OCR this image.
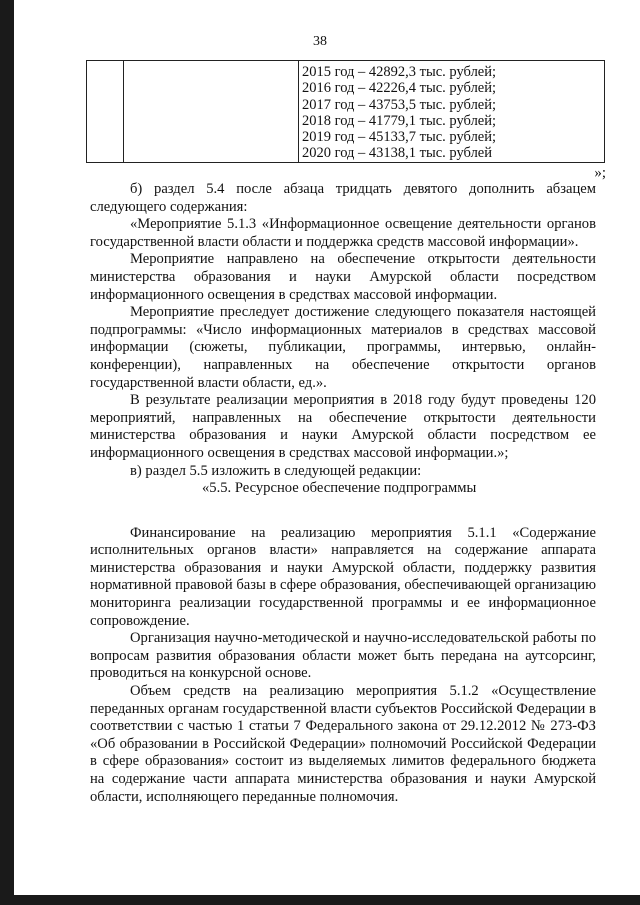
38

2015 год – 42892,3 тыс. рублей;
2016 год – 42226,4 тыс. рублей;
2017 год – 43753,5 тыс. рублей;
2018 год – 41779,1 тыс. рублей;
2019 год – 45133,7 тыс. рублей;
2020 год – 43138,1 тыс. рублей
»;

б) раздел 5.4 после абзаца тридцать девятого дополнить абзацем следующего содержания:

«Мероприятие 5.1.3 «Информационное освещение деятельности органов государственной власти области и поддержка средств массовой информации».

Мероприятие направлено на обеспечение открытости деятельности министерства образования и науки Амурской области посредством информационного освещения в средствах массовой информации.

Мероприятие преследует достижение следующего показателя настоящей подпрограммы: «Число информационных материалов в средствах массовой информации (сюжеты, публикации, программы, интервью, онлайн-конференции), направленных на обеспечение открытости органов государственной власти области, ед.».

В результате реализации мероприятия в 2018 году будут проведены 120 мероприятий, направленных на обеспечение открытости деятельности министерства образования и науки Амурской области посредством ее информационного освещения в средствах массовой информации.»;

в) раздел 5.5 изложить в следующей редакции:

«5.5. Ресурсное обеспечение подпрограммы

Финансирование на реализацию мероприятия 5.1.1 «Содержание исполнительных органов власти» направляется на содержание аппарата министерства образования и науки Амурской области, поддержку развития нормативной правовой базы в сфере образования, обеспечивающей организацию мониторинга реализации государственной программы и ее информационное сопровождение.

Организация научно-методической и научно-исследовательской работы по вопросам развития образования области может быть передана на аутсорсинг, проводиться на конкурсной основе.

Объем средств на реализацию мероприятия 5.1.2 «Осуществление переданных органам государственной власти субъектов Российской Федерации в соответствии с частью 1 статьи 7 Федерального закона от 29.12.2012 № 273-ФЗ «Об образовании в Российской Федерации» полномочий Российской Федерации в сфере образования» состоит из выделяемых лимитов федерального бюджета на содержание части аппарата министерства образования и науки Амурской области, исполняющего переданные полномочия.
